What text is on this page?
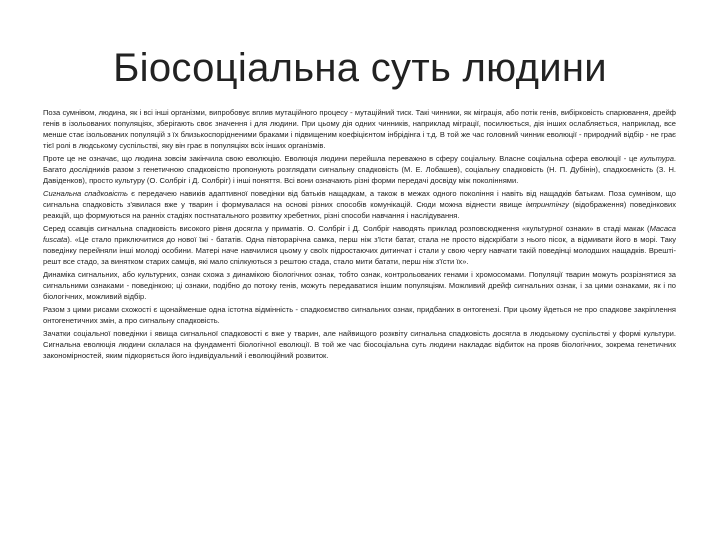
Біосоціальна суть людини

Поза сумнівом, людина, як і всі інші організми, випробовує вплив мутаційного процесу - мутаційний тиск. Такі чинники, як міграція, або потік генів, вибірковість спарювання, дрейф генів в ізольованих популяціях, зберігають своє значення і для людини. При цьому дія одних чинників, наприклад міграції, посилюється, дія інших ослабляється, наприклад, все менше стає ізольованих популяцій з їх близькоспорідненими браками і підвищеним коефіцієнтом інбрідінга і т.д. В той же час головний чинник еволюції - природний відбір - не грає тієї ролі в людському суспільстві, яку він грає в популяціях всіх інших організмів.

Проте це не означає, що людина зовсім закінчила свою еволюцію. Еволюція людини перейшла переважно в сферу соціальну. Власне соціальна сфера еволюції - це культура. Багато дослідників разом з генетичною спадковістю пропонують розглядати сигнальну спадковість (М. Е. Лобашев), соціальну спадковість (Н. П. Дубінін), спадкоємність (З. Н. Давіденков), просто культуру (О. Солбріг і Д. Солбріг) і інші поняття. Всі вони означають різні форми передачі досвіду між поколіннями.

Сигнальна спадковість є передачею навиків адаптивної поведінки від батьків нащадкам, а також в межах одного покоління і навіть від нащадків батькам. Поза сумнівом, що сигнальна спадковість з'явилася вже у тварин і формувалася на основі різних способів комунікацій. Сюди можна віднести явище імпринтінгу (відображення) поведінкових реакцій, що формуються на ранніх стадіях постнатального розвитку хребетних, різні способи навчання і наслідування.

Серед ссавців сигнальна спадковість високого рівня досягла у приматів. О. Солбріг і Д. Солбріг наводять приклад розповсюдження «культурної ознаки» в стаді макак (Macaca fuscata). «Це стало приключитися до нової їжі - бататів. Одна півторарічна самка, перш ніж з'їсти батат, стала не просто відскрібати з нього пісок, а відмивати його в морі. Таку поведінку перейняли інші молоді особини. Матері наче навчилися цьому у своїх підростаючих дитинчат і стали у свою чергу навчати такій поведінці молодших нащадків. Врешті-решт все стадо, за винятком старих самців, які мало спілкуються з рештою стада, стало мити батати, перш ніж з'їсти їх».

Динаміка сигнальних, або культурних, ознак схожа з динамікою біологічних ознак, тобто ознак, контрольованих генами і хромосомами. Популяції тварин можуть розрізнятися за сигнальними ознаками - поведінкою; ці ознаки, подібно до потоку генів, можуть передаватися іншим популяціям. Можливий дрейф сигнальних ознак, і за цими ознаками, як і по біологічних, можливий відбір.

Разом з цими рисами схожості є щонайменше одна істотна відмінність - спадкоємство сигнальних ознак, придбаних в онтогенезі. При цьому йдеться не про спадкове закріплення онтогенетичних змін, а про сигнальну спадковість.

Зачатки соціальної поведінки і явища сигнальної спадковості є вже у тварин, але найвищого розквіту сигнальна спадковість досягла в людському суспільстві у формі культури. Сигнальна еволюція людини склалася на фундаменті біологічної еволюції. В той же час біосоціальна суть людини накладає відбиток на прояв біологічних, зокрема генетичних закономірностей, яким підкоряється його індивідуальний і еволюційний розвиток.
